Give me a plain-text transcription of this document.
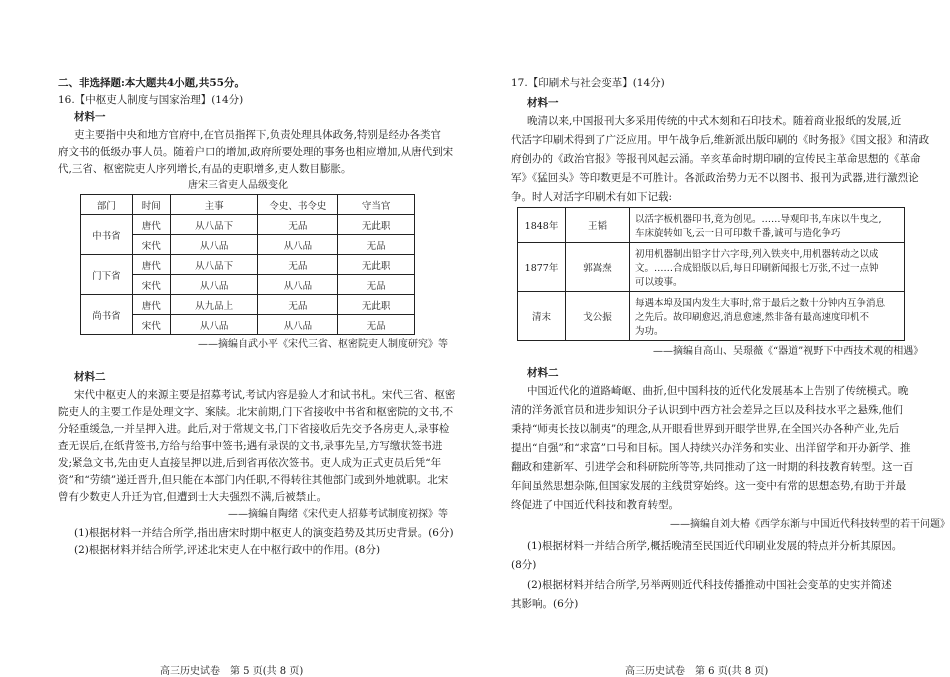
二、非选择题:本大题共4小题,共55分。
16.【中枢吏人制度与国家治理】(14分)
材料一
吏主要指中央和地方官府中,在官员指挥下,负责处理具体政务,特别是经办各类官
府文书的低级办事人员。随着户口的增加,政府所要处理的事务也相应增加,从唐代到宋
代,三省、枢密院吏人序列增长,有品的吏职增多,吏人数目膨胀。
唐宋三省吏人品级变化
部门	时间	主事	令史、书令史	守当官
中书省	唐代	从八品下	无品	无此职
	宋代	从八品	从八品	无品
门下省	唐代	从八品下	无品	无此职
	宋代	从八品	从八品	无品
尚书省	唐代	从九品上	无品	无此职
	宋代	从八品	从八品	无品
——摘编自武小平《宋代三省、枢密院吏人制度研究》等
材料二
宋代中枢吏人的来源主要是招募考试,考试内容是验人才和试书札。宋代三省、枢密
院吏人的主要工作是处理文字、案牍。北宋前期,门下省接收中书省和枢密院的文书,不
分轻重缓急,一并呈押入进。此后,对于常规文书,门下省接收后先交予各房吏人,录事检
查无误后,在纸背签书,方给与给事中签书;遇有录误的文书,录事先呈,方写缴状签书进
发;紧急文书,先由吏人直接呈押以进,后到省再依次签书。吏人成为正式吏员后凭“年
资”和“劳绩”递迁晋升,但只能在本部门内任职,不得转往其他部门或到外地就职。北宋
曾有少数吏人升迁为官,但遭到士大夫强烈不满,后被禁止。
——摘编自陶绪《宋代吏人招募考试制度初探》等
(1)根据材料一并结合所学,指出唐宋时期中枢吏人的演变趋势及其历史背景。(6分)
(2)根据材料并结合所学,评述北宋吏人在中枢行政中的作用。(8分)
高三历史试卷　第 5 页(共 8 页)
17.【印刷术与社会变革】(14分)
材料一
晚清以来,中国报刊大多采用传统的中式木刻和石印技术。随着商业报纸的发展,近
代活字印刷术得到了广泛应用。甲午战争后,维新派出版印刷的《时务报》《国文报》和清政
府创办的《政治官报》等报刊风起云涌。辛亥革命时期印刷的宣传民主革命思想的《革命
军》《猛回头》等印数更是不可胜计。各派政治势力无不以图书、报刊为武器,进行激烈论
争。时人对活字印刷术有如下记载:
1848年	王韬	以活字板机器印书,竟为创见。……导观印书,车床以牛曳之,
车床旋转如飞,云一日可印数千番,诚可与造化争巧

1877年	郭嵩焘	初用机器制出铅字廿六字母,列入铁夹中,用机器转动之以成
文。……合成铅版以后,每日印刷新闻报七万张,不过一点钟
可以竣事。

清末	戈公振	每遇本埠及国内发生大事时,常于最后之数十分钟内互争消息
之先后。故印刷愈迟,消息愈速,然非备有最高速度印机不
为功。
——摘编自高山、吴璟薇《“器道”视野下中西技术观的相遇》
材料二
中国近代化的道路崎岖、曲折,但中国科技的近代化发展基本上告别了传统模式。晚
清的洋务派官员和进步知识分子认识到中西方社会差异之巨以及科技水平之悬殊,他们
秉持“师夷长技以制夷”的理念,从开眼看世界到开眼学世界,在全国兴办各种产业,先后
提出“自强”和“求富”口号和目标。国人持续兴办洋务和实业、出洋留学和开办新学、推
翻政和建新军、引进学会和科研院所等等,共同推动了这一时期的科技教育转型。这一百
年间虽然思想杂陈,但国家发展的主线贯穿始终。这一变中有常的思想态势,有助于并最
终促进了中国近代科技和教育转型。
——摘编自刘大椿《西学东渐与中国近代科技转型的若干问题》
(1)根据材料一并结合所学,概括晚清至民国近代印刷业发展的特点并分析其原因。
(8分)
(2)根据材料并结合所学,另举两则近代科技传播推动中国社会变革的史实并简述
其影响。(6分)
高三历史试卷　第 6 页(共 8 页)
